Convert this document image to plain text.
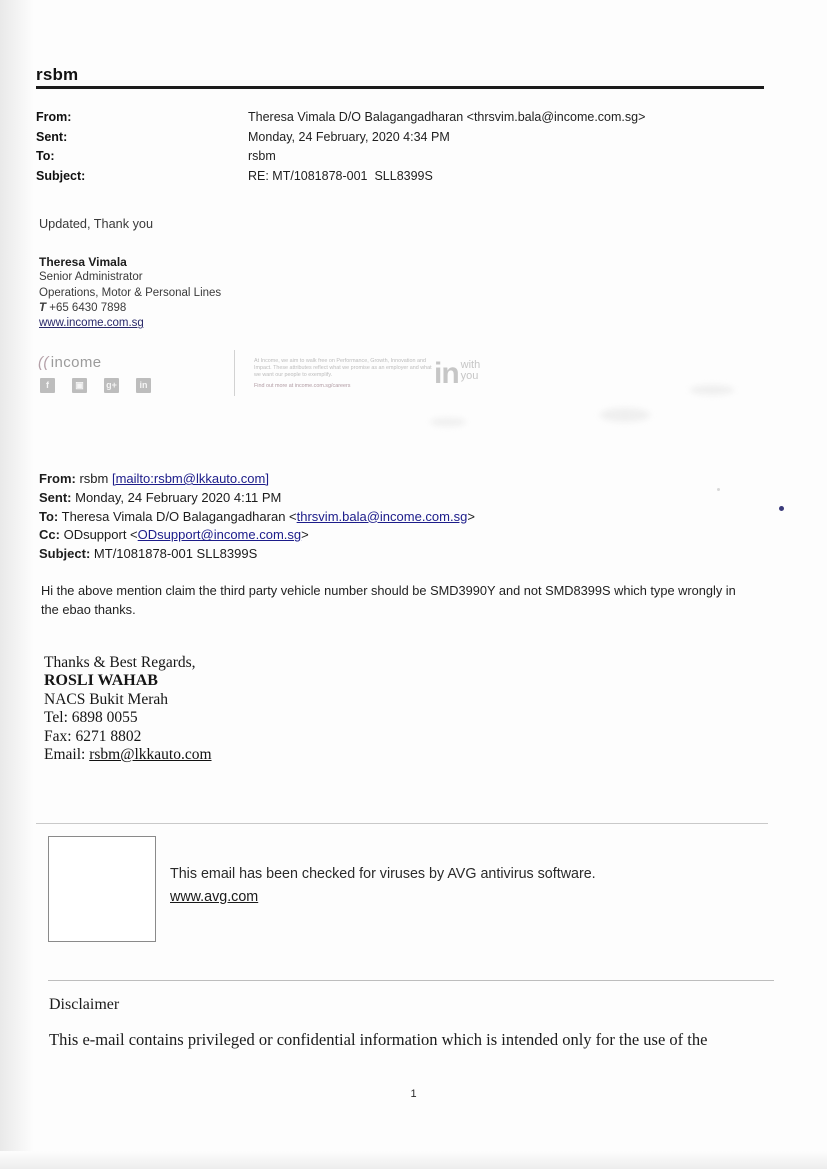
rsbm
From:	Theresa Vimala D/O Balagangadharan <thrsvim.bala@income.com.sg>
Sent:	Monday, 24 February, 2020 4:34 PM
To:	rsbm
Subject:	RE: MT/1081878-001  SLL8399S
Updated, Thank you
Theresa Vimala
Senior Administrator
Operations, Motor & Personal Lines
T +65 6430 7898
www.income.com.sg
(( income
f	▣	g+	in
At Income, we aim to walk free on Performance, Growth, Innovation and Impact. These attributes reflect what we promise as an employer and what we want our people to exemplify.
Find out more at income.com.sg/careers	in with
you
From: rsbm [mailto:rsbm@lkkauto.com]
Sent: Monday, 24 February 2020 4:11 PM
To: Theresa Vimala D/O Balagangadharan <thrsvim.bala@income.com.sg>
Cc: ODsupport <ODsupport@income.com.sg>
Subject: MT/1081878-001 SLL8399S
Hi the above mention claim the third party vehicle number should be SMD3990Y and not SMD8399S which type wrongly in the ebao thanks.
Thanks & Best Regards,
ROSLI WAHAB
NACS Bukit Merah
Tel: 6898 0055
Fax: 6271 8802
Email: rsbm@lkkauto.com
This email has been checked for viruses by AVG antivirus software.
www.avg.com
Disclaimer
This e-mail contains privileged or confidential information which is intended only for the use of the
1
